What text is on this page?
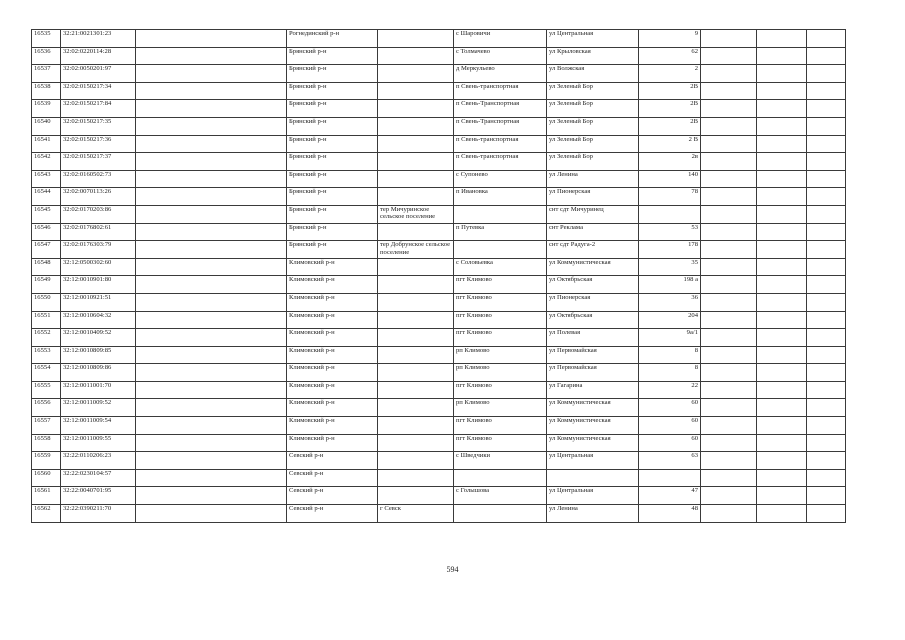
16535	32:21:0021301:23		Рогнединский р-н		с Шаровичи	ул Центральная	9			
16536	32:02:0220114:28		Брянский р-н		с Толмачево	ул Крыловская	62			
16537	32:02:0050201:97		Брянский р-н		д Меркульево	ул Волжская	2			
16538	32:02:0150217:34		Брянский р-н		п Свень-транспортная	ул Зеленый Бор	2В			
16539	32:02:0150217:84		Брянский р-н		п Свень-Транспортная	ул Зеленый Бор	2В			
16540	32:02:0150217:35		Брянский р-н		п Свень-Транспортная	ул Зеленый Бор	2В			
16541	32:02:0150217:36		Брянский р-н		п Свень-транспортная	ул Зеленый Бор	2 В			
16542	32:02:0150217:37		Брянский р-н		п Свень-транспортная	ул Зеленый Бор	2в			
16543	32:02:0160502:73		Брянский р-н		с Супонево	ул Ленина	140			
16544	32:02:0070113:26		Брянский р-н		п Ивановка	ул Пионерская	78			
16545	32:02:0170203:86		Брянский р-н	тер Мичуринское сельское поселение		снт сдт Мичуринец				
16546	32:02:0176802:61		Брянский р-н		п Путевка	снт Рекламa	53			
16547	32:02:0176303:79		Брянский р-н	тер Добрунское сельское поселение		снт сдт Радуга-2	178			
16548	32:12:0500302:60		Климовский р-н		с Соловьевка	ул Коммунистическая	35			
16549	32:12:0010901:80		Климовский р-н		пгт Климово	ул Октябрьская	198 а			
16550	32:12:0010921:51		Климовский р-н		пгт Климово	ул Пионерская	36			
16551	32:12:0010604:32		Климовский р-н		пгт Климово	ул Октябрьская	204			
16552	32:12:0010409:52		Климовский р-н		пгт Климово	ул Полевая	9а/1			
16553	32:12:0010809:85		Климовский р-н		рп Климово	ул Первомайская	8			
16554	32:12:0010809:86		Климовский р-н		рп Климово	ул Первомайская	8			
16555	32:12:0011001:70		Климовский р-н		пгт Климово	ул Гагарина	22			
16556	32:12:0011009:52		Климовский р-н		рп Климово	ул Коммунистическая	60			
16557	32:12:0011009:54		Климовский р-н		пгт Климово	ул Коммунистическая	60			
16558	32:12:0011009:55		Климовский р-н		пгт Климово	ул Коммунистическая	60			
16559	32:22:0110206:23		Севский р-н		с Шведчики	ул Центральная	63			
16560	32:22:0230104:57		Севский р-н							
16561	32:22:0040701:95		Севский р-н		с Голышова	ул Центральная	47			
16562	32:22:0390211:70		Севский р-н	г Севск		ул Ленина	48			
594
